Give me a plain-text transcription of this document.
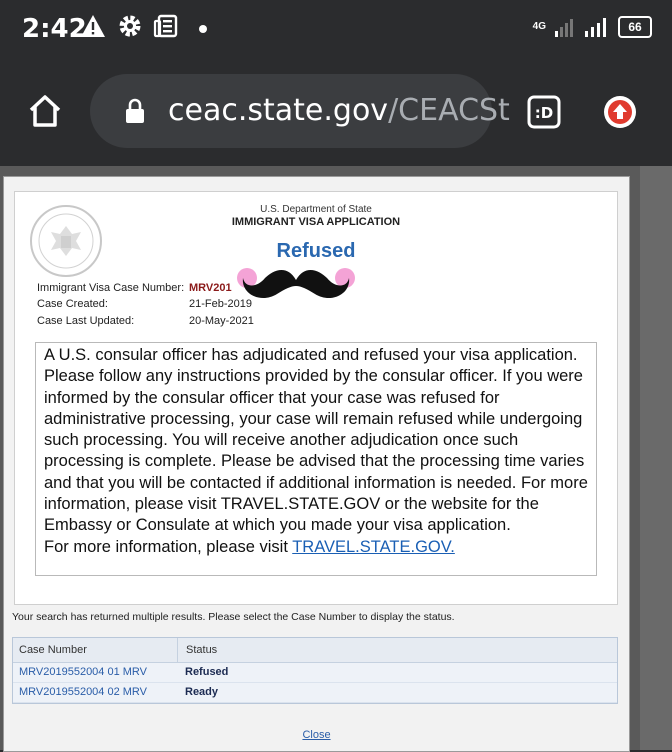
2:42	4G	66
ceac.state.gov/CEACSt :D
U.S. Department of State
IMMIGRANT VISA APPLICATION
Refused
Immigrant Visa Case Number: MRV201
Case Created:	21-Feb-2019
Case Last Updated:	20-May-2021
A U.S. consular officer has adjudicated and refused your visa application. Please follow any instructions provided by the consular officer. If you were informed by the consular officer that your case was refused for administrative processing, your case will remain refused while undergoing such processing. You will receive another adjudication once such processing is complete. Please be advised that the processing time varies and that you will be contacted if additional information is needed. For more information, please visit TRAVEL.STATE.GOV or the website for the Embassy or Consulate at which you made your visa application.
For more information, please visit TRAVEL.STATE.GOV.
Your search has returned multiple results. Please select the Case Number to display the status.
Case Number	Status
MRV2019552004 01 MRV	Refused
MRV2019552004 02 MRV	Ready
Close
